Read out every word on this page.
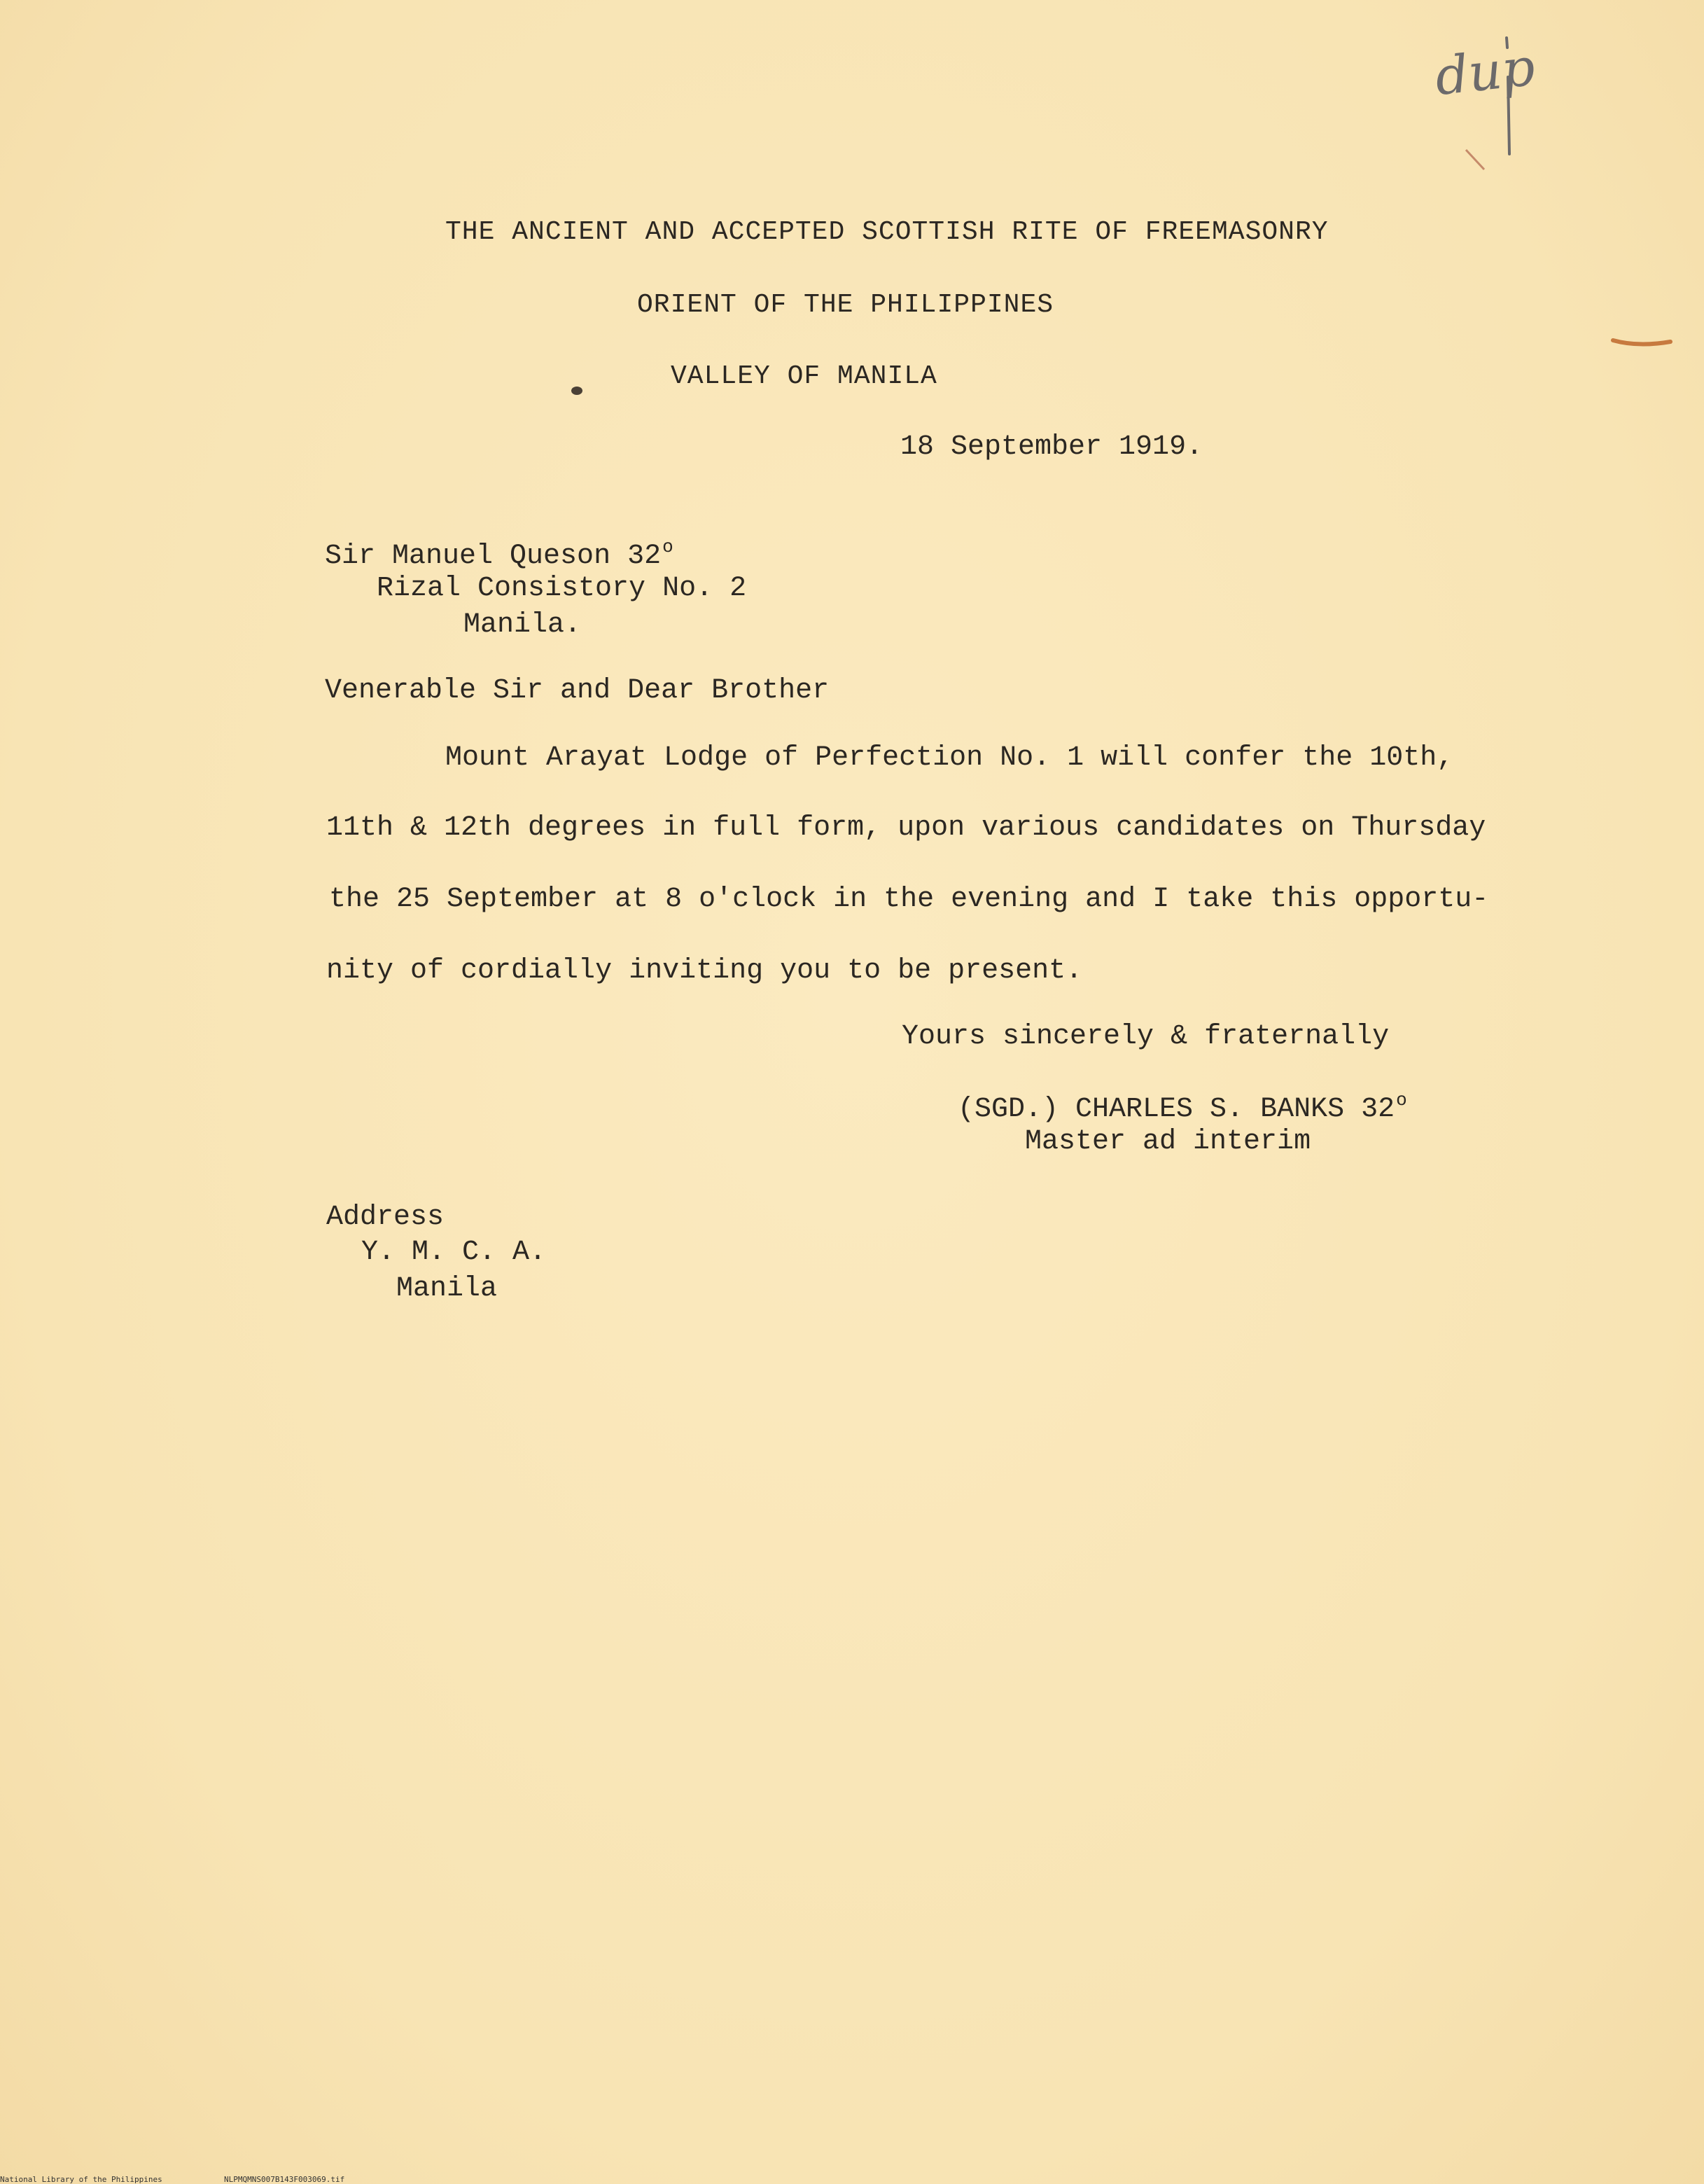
dup
THE ANCIENT AND ACCEPTED SCOTTISH RITE OF FREEMASONRY
ORIENT OF THE PHILIPPINES
VALLEY OF MANILA
18 September 1919.
Sir Manuel Queson 32$^o$
Rizal Consistory No. 2
Manila.
Venerable Sir and Dear Brother
Mount Arayat Lodge of Perfection No. 1 will confer the 10th,
11th & 12th degrees in full form, upon various candidates on Thursday
the 25 September at 8 o'clock in the evening and I take this opportu-
nity of cordially inviting you to be present.
Yours sincerely & fraternally
(SGD.) CHARLES S. BANKS 32$^o$
Master ad interim
Address
Y. M. C. A.
Manila
National Library of the Philippines	NLPMQMNS007B143F003069.tif
